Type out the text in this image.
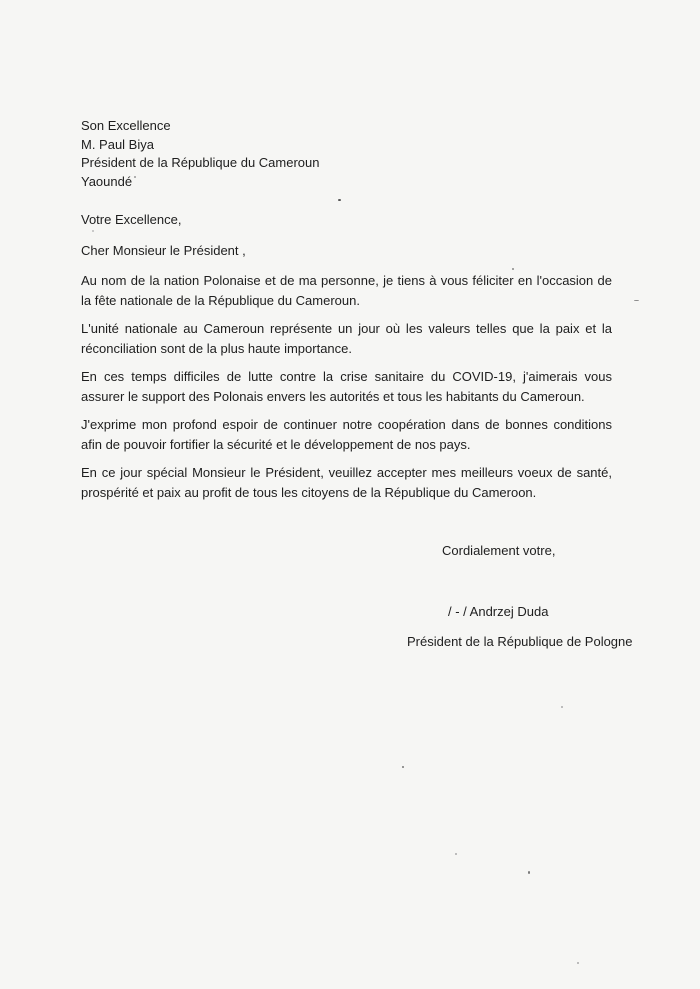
Son Excellence
M. Paul Biya
Président de la République du Cameroun
Yaoundé
Votre Excellence,
Cher Monsieur le Président ,
Au nom de la nation Polonaise et de ma personne, je tiens à vous féliciter en l'occasion de la fête nationale de la République du Cameroun.
L'unité nationale au Cameroun représente un jour où les valeurs telles que la paix et la réconciliation sont de la plus haute importance.
En ces temps difficiles de lutte contre la crise sanitaire du COVID-19, j'aimerais vous assurer le support des Polonais envers les autorités et tous les habitants du Cameroun.
J'exprime mon profond espoir de continuer notre coopération dans de bonnes conditions afin de pouvoir fortifier la sécurité et le développement de nos pays.
En ce jour spécial Monsieur le Président, veuillez accepter mes meilleurs voeux de santé, prospérité et paix au profit de tous les citoyens de la République du Cameroon.
Cordialement votre,
/ - / Andrzej Duda
Président de la République de Pologne
